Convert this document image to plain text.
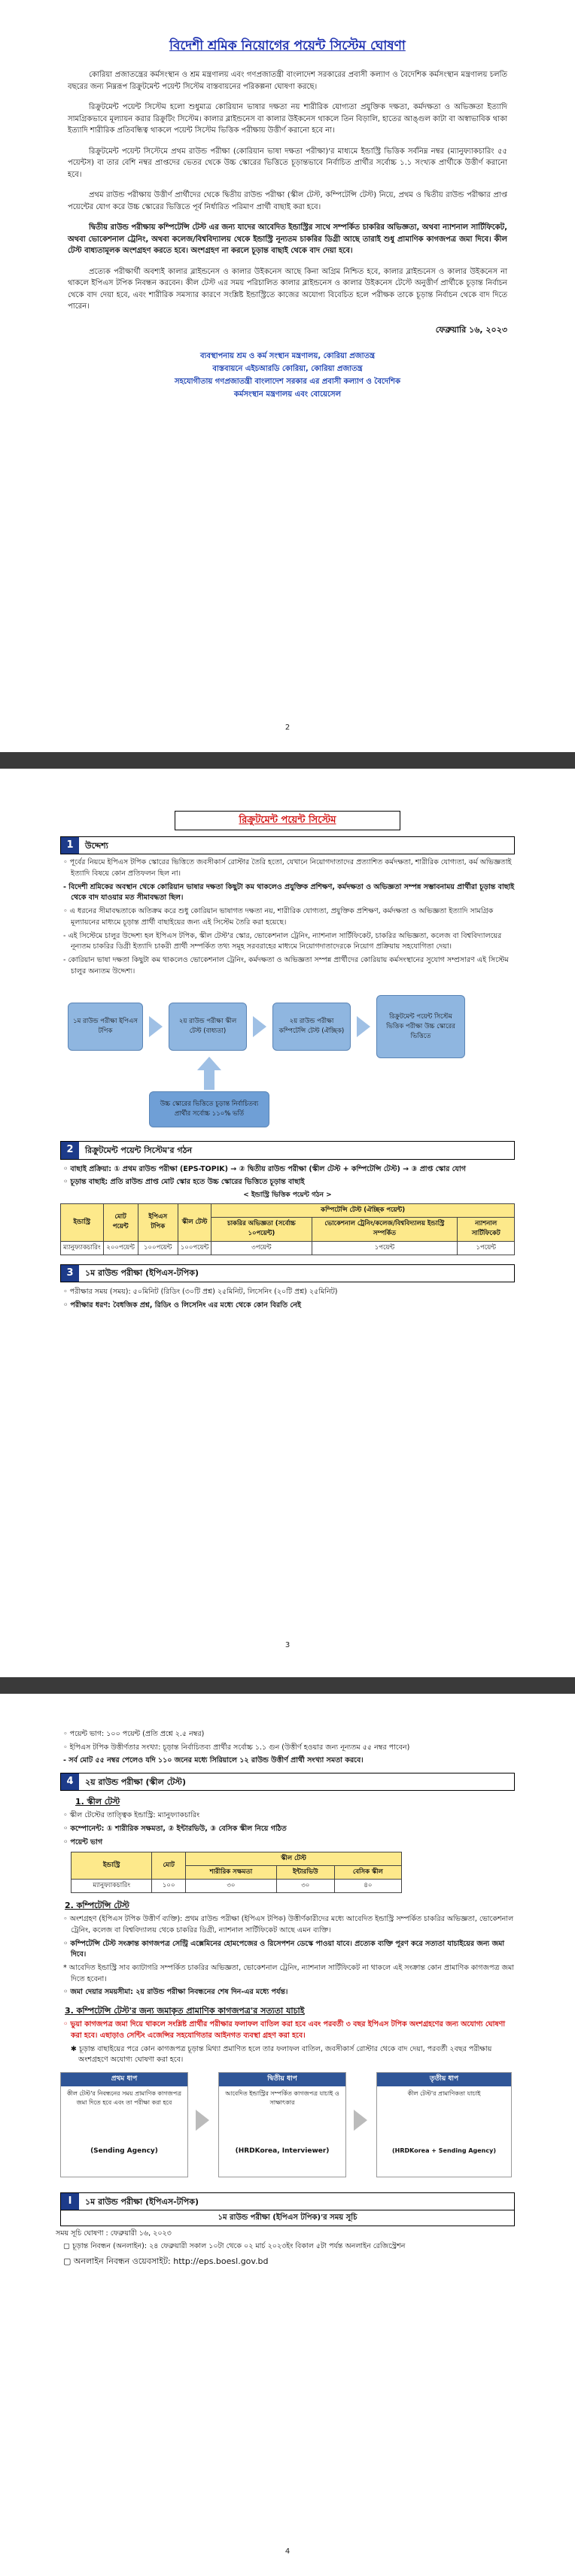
বিদেশী শ্রমিক নিয়োগের পয়েন্ট সিস্টেম ঘোষণা

কোরিয়া প্রজাতন্ত্রের কর্মসংস্থান ও শ্রম মন্ত্রণালয় এবং গণপ্রজাতন্ত্রী বাংলাদেশ সরকারের প্রবাসী কল্যাণ ও বৈদেশিক কর্মসংস্থান মন্ত্রণালয় চলতি বছরের জন্য নিম্নরূপ রিক্রুটমেন্ট পয়েন্ট সিস্টেম বাস্তবায়নের পরিকল্পনা ঘোষণা করছে।

রিক্রুটমেন্ট পয়েন্ট সিস্টেম হলো শুধুমাত্র কোরিয়ান ভাষার দক্ষতা নয় শারীরিক যোগ্যতা প্রযুক্তিক দক্ষতা, কর্মদক্ষতা ও অভিজ্ঞতা ইত্যাদি সামগ্রিকভাবে মূল্যায়ন করার রিক্রুটিং সিস্টেম। কালার ব্লাইন্ডনেস বা কালার উইকনেস থাকলে তিন বিড়ালি, হাতের আঙ্গুল কাটা বা অস্বাভাবিক থাকা ইত্যাদি শারীরিক প্রতিবন্ধিত্ব থাকলে পয়েন্ট সিস্টেম ভিত্তিক পরীক্ষায় উত্তীর্ণ করানো হবে না।

রিক্রুটমেন্ট পয়েন্ট সিস্টেমে প্রথম রাউন্ড পরীক্ষা (কোরিয়ান ভাষা দক্ষতা পরীক্ষা)'র মাধ্যমে ইন্ডাস্ট্রি ভিত্তিক সর্বনিম্ন নম্বর (ম্যানুফ্যাকচারিং ৫৫ পয়েন্টস) বা তার বেশি নম্বর প্রাপ্তদের ভেতর থেকে উচ্চ স্কোরের ভিত্তিতে চূড়ান্তভাবে নির্বাচিত প্রার্থীর সর্বোচ্চ ১.১ সংখ্যক প্রার্থীকে উত্তীর্ণ করানো হবে।

প্রথম রাউন্ড পরীক্ষায় উত্তীর্ণ প্রার্থীদের থেকে দ্বিতীয় রাউন্ড পরীক্ষা (স্কীল টেস্ট, কম্পিটেন্সি টেস্ট) নিয়ে, প্রথম ও দ্বিতীয় রাউন্ড পরীক্ষার প্রাপ্ত পয়েন্টের যোগ করে উচ্চ স্কোরের ভিত্তিতে পূর্ব নির্ধারিত পরিমাণ প্রার্থী বাছাই করা হবে।

দ্বিতীয় রাউন্ড পরীক্ষায় কম্পিটেন্সি টেস্ট এর জন্য যাদের আবেদিত ইন্ডাস্ট্রির সাথে সম্পর্কিত চাকরির অভিজ্ঞতা, অথবা ন্যাশনাল সার্টিফিকেট, অথবা ভোকেশনাল ট্রেনিং, অথবা কলেজ/বিশ্ববিদ্যালয় থেকে ইন্ডাস্ট্রি নূন্যতম চাকরির ডিগ্রী আছে তারাই শুধু প্রামাণিক কাগজপত্র জমা দিবে। কীল টেস্ট বাধ্যতামূলক অংশগ্রহণ করতে হবে। অংশগ্রহণ না করলে চূড়ান্ত বাছাই থেকে বাদ দেয়া হবে।

প্রত্যেক পরীক্ষার্থী অবশ্যই কালার ব্লাইন্ডনেস ও কালার উইকনেস আছে কিনা অগ্রিম নিশ্চিত হবে, কালার ব্লাইন্ডনেস ও কালার উইকনেস না থাকলে ইপিএস টপিক নিবন্ধন করবেন। কীল টেস্ট এর সময় পরিচালিত কালার ব্লাইন্ডনেস ও কালার উইকনেস টেস্টে অনুত্তীর্ণ প্রার্থীকে চূড়ান্ত নির্বাচন থেকে বাদ দেয়া হবে, এবং শারীরিক সমস্যার কারণে সংশ্লিষ্ট ইন্ডাস্ট্রিতে কাজের অযোগ্য বিবেচিত হলে পরীক্ষক তাকে চূড়ান্ত নির্বাচন থেকে বাদ দিতে পারেন।

ফেব্রুয়ারি ১৬, ২০২৩
ব্যবস্থাপনায় শ্রম ও কর্ম সংস্থান মন্ত্রণালয়, কোরিয়া প্রজাতন্ত্র
বাস্তবায়নে এইচআরডি কোরিয়া, কোরিয়া প্রজাতন্ত্র
সহযোগীতায় গণপ্রজাতন্ত্রী বাংলাদেশ সরকার এর প্রবাসী কল্যাণ ও বৈদেশিক
কর্মসংস্থান মন্ত্রণালয় এবং বোয়েসেল
2
রিক্রুটমেন্ট পয়েন্ট সিস্টেম
1	উদ্দেশ্য

◦ পূর্বের নিয়মে ইপিএস টপিক স্কোরের ভিত্তিতে জবসীকার্স রোস্টার তৈরি হতো, যেখানে নিয়োগদাতাদের প্রত্যাশিত কর্মদক্ষতা, শারীরিক যোগ্যতা, কর্ম অভিজ্ঞতাই ইত্যাদি বিষয়ে কোন প্রতিফলন ছিল না।

- বিদেশী শ্রমিকের অবস্থান থেকে কোরিয়ান ভাষার দক্ষতা কিছুটা কম থাকলেও প্রযুক্তিক প্রশিক্ষণ, কর্মদক্ষতা ও অভিজ্ঞতা সম্পন্ন সম্ভাবনাময় প্রার্থীরা চূড়ান্ত বাছাই থেকে বাদ যাওয়ার মত সীমাবদ্ধতা ছিল।

◦ এ ধরনের সীমাবদ্ধতাকে অতিক্রম করে শুধু কোরিয়ান ভাষাগত দক্ষতা নয়, শারীরিক যোগ্যতা, প্রযুক্তিক প্রশিক্ষণ, কর্মদক্ষতা ও অভিজ্ঞতা ইত্যাদি সামগ্রিক মূল্যায়নের মাধ্যমে চূড়ান্ত প্রার্থী বাছাইয়ের জন্য এই সিস্টেম তৈরি করা হয়েছে।

- এই সিস্টেমে চালুর উদ্দেশ্য হল ইপিএস টপিক, স্কীল টেস্ট'র স্কোর, ভোকেশনাল ট্রেনিং, ন্যাশনাল সার্টিফিকেট, চাকরির অভিজ্ঞতা, কলেজ বা বিশ্ববিদ্যালয়ের নূন্যতম চাকরির ডিগ্রী ইত্যাদি চাকরী প্রার্থী সম্পর্কিত তথ্য সমূহ সরবরাহের মাধ্যমে নিয়োগদাতাদেরকে নিয়োগ প্রক্রিয়ায় সহযোগিতা দেয়া।

- কোরিয়ান ভাষা দক্ষতা কিছুটা কম থাকলেও ভোকেশনাল ট্রেনিং, কর্মদক্ষতা ও অভিজ্ঞতা সম্পন্ন প্রার্থীদের কোরিয়ায় কর্মসংস্থানের সুযোগ সম্প্রসারণ এই সিস্টেম চালুর অন্যতম উদ্দেশ্য।

১ম রাউন্ড পরীক্ষা ইপিএস টপিক
২য় রাউন্ড পরীক্ষা স্কীল টেস্ট (বাধ্যতা)
২য় রাউন্ড পরীক্ষা কম্পিটেন্সি টেস্ট (ঐচ্ছিক)
রিক্রুটমেন্ট পয়েন্ট সিস্টেম ভিত্তিক পরীক্ষা উচ্চ স্কোরের ভিত্তিতে
উচ্চ স্কোরের ভিত্তিতে চূড়ান্ত নির্বাচিতব্য প্রার্থীর সর্বোচ্চ ১১০% ভর্তি
2	রিক্রুটমেন্ট পয়েন্ট সিস্টেম'র গঠন

◦ বাছাই প্রক্রিয়া: ① প্রথম রাউন্ড পরীক্ষা (EPS-TOPIK) → ② দ্বিতীয় রাউন্ড পরীক্ষা (স্কীল টেস্ট + কম্পিটেন্সি টেস্ট) → ③ প্রাপ্ত স্কোর যোগ

◦ চূড়ান্ত বাছাই: প্রতি রাউন্ড প্রাপ্ত মোট স্কোর হতে উচ্চ স্কোরের ভিত্তিতে চূড়ান্ত বাছাই

< ইন্ডাস্ট্রি ভিত্তিক পয়েন্ট গঠন >
ইন্ডাস্ট্রি	মোট পয়েন্ট	ইপিএস টপিক	স্কীল টেস্ট	কম্পিটেন্সি টেস্ট (ঐচ্ছিক পয়েন্ট)		
				চাকরির অভিজ্ঞতা (সর্বোচ্চ ১০পয়েন্ট)	ভোকেশনাল ট্রেনিং/কলেজ/বিশ্ববিদ্যালয় ইন্ডাস্ট্রি সম্পর্কিত	ন্যাশনাল সার্টিফিকেট
ম্যানুফ্যাকচারিং	২০০পয়েন্ট	১০০পয়েন্ট	১০০পয়েন্ট	৩পয়েন্ট	১পয়েন্ট	১পয়েন্ট
3	১ম রাউন্ড পরীক্ষা (ইপিএস-টপিক)

◦ পরীক্ষার সময় (সময়): ৫০মিনিট (রিডিং (৩০টি প্রশ্ন) ২৫মিনিট, লিসেনিং (২০টি প্রশ্ন) ২৫মিনিট)

◦ পরীক্ষার ধরণ: বৈধজিক প্রশ্ন, রিডিং ও লিসেনিং এর মধ্যে থেকে কোন বিরতি নেই

3

◦ পয়েন্ট ভাগ: ১০০ পয়েন্ট (প্রতি প্রশ্নে ২.৫ নম্বর)

◦ ইপিএস টপিক উত্তীর্ণতার সংখ্যা: চূড়ান্ত নির্বাচিতব্য প্রার্থীর সর্বোচ্চ ১.১ গুন (উত্তীর্ণ হওয়ার জন্য নূন্যতম ৫৫ নম্বর পাবেন)

- সর্ব মোট ৫৫ নম্বর পেলেও যদি ১১০ জনের মধ্যে সিরিয়ালে ১২ রাউন্ড উত্তীর্ণ প্রার্থী সংখ্যা সমতা করবে।

4	২য় রাউন্ড পরীক্ষা (স্কীল টেস্ট)
1. স্কীল টেস্ট

◦ স্কীল টেস্টের তাত্ত্বিক ইন্ডাস্ট্রি: ম্যানুফ্যাকচারিং

◦ কম্পোনেন্ট: ① শারীরিক সক্ষমতা, ② ইন্টারভিউ, ③ বেসিক স্কীল নিয়ে গঠিত

◦ পয়েন্ট ভাগ

ইন্ডাস্ট্রি	মোট	স্কীল টেস্ট		
		শারীরিক সক্ষমতা	ইন্টারভিউ	বেসিক স্কীল
ম্যানুফ্যাকচারিং	১০০	৩০	৩০	৪০
2. কম্পিটেন্সি টেস্ট

◦ অংশগ্রহণ (ইপিএস টপিক উত্তীর্ণ ব্যক্তি): প্রথম রাউন্ড পরীক্ষা (ইপিএস টপিক) উত্তীর্ণকারীদের মধ্যে আবেদিত ইন্ডাস্ট্রি সম্পর্কিত চাকরির অভিজ্ঞতা, ভোকেশনাল ট্রেনিং, কলেজ বা বিশ্ববিদ্যালয় থেকে চাকরির ডিগ্রী, ন্যাশনাল সার্টিফিকেট আছে এমন ব্যক্তি।

◦ কম্পিটেন্সি টেস্ট সংক্রান্ত কাগজপত্র সেন্ট্রি এক্সেমিনের হোমপেজের ও রিসেপশন ডেস্কে পাওয়া যাবে। প্রত্যেক ব্যক্তি পূরণ করে সত্যতা যাচাইয়ের জন্য জমা দিবে।

* আবেদিত ইন্ডাস্ট্রি সাব ক্যাটাগরি সম্পর্কিত চাকরির অভিজ্ঞতা, ভোকেশনাল ট্রেনিং, ন্যাশনাল সার্টিফিকেট না থাকলে এই সংক্রান্ত কোন প্রামাণিক কাগজপত্র জমা দিতে হবেনা।

◦ জমা দেয়ার সময়সীমা: ২য় রাউন্ড পরীক্ষা নিবন্ধনের শেষ দিন-এর মধ্যে পর্যন্ত।

3. কম্পিটেন্সি টেস্ট'র জন্য জমাকৃত প্রামাণিক কাগজপত্র'র সত্যতা যাচাই

◦ ভুয়া কাগজপত্র জমা দিয়ে থাকলে সংশ্লিষ্ট প্রার্থীর পরীক্ষার ফলাফল বাতিল করা হবে এবং পরবর্তী ৩ বছর ইপিএস টপিক অংশগ্রহণের জন্য অযোগ্য ঘোষণা করা হবে। এছাড়াও সেন্টিং এজেন্সির সহযোগিতার আইনগত ব্যবস্থা গ্রহণ করা হবে।

✱ চূড়ান্ত বাছাইয়ের পরে কোন কাগজপত্র চূড়ান্ত মিথ্যা প্রমাণিত হলে তার ফলাফল বাতিল, জবসীকার্স রোস্টার থেকে বাদ দেয়া, পরবর্তী ২বছর পরীক্ষায় অংশগ্রহণে অযোগ্য ঘোষণা করা হবে।

প্রথম ধাপ
কীল টেস্ট'র নিবন্ধনের সময় প্রামাণিক কাগজপত্র জমা দিতে হবে এবং তা পরীক্ষা করা হবে
(Sending Agency)
দ্বিতীয় ধাপ
আবেদিত ইন্ডাস্ট্রির সম্পর্কিত কাগজপত্র যাচাই ও সাক্ষাৎকার
(HRDKorea, Interviewer)
তৃতীয় ধাপ
কীল টেস্ট'র প্রামাণিকতা যাচাই
(HRDKorea + Sending Agency)
I	১ম রাউন্ড পরীক্ষা (ইপিএস-টপিক)
১ম রাউন্ড পরীক্ষা (ইপিএস টপিক)'র সময় সূচি

সময় সূচি ঘোষণা : ফেব্রুয়ারী ১৬, ২০২৩

▢ চূড়ান্ত নিবন্ধন (অনলাইন): ২৪ ফেব্রুয়ারী সকাল ১০টা থেকে ০২ মার্চ ২০২৩ইং বিকাল ৫টা পর্যন্ত অনলাইন রেজিস্ট্রেশন

▢ অনলাইন নিবন্ধন ওয়েবসাইট: http://eps.boesl.gov.bd

4
